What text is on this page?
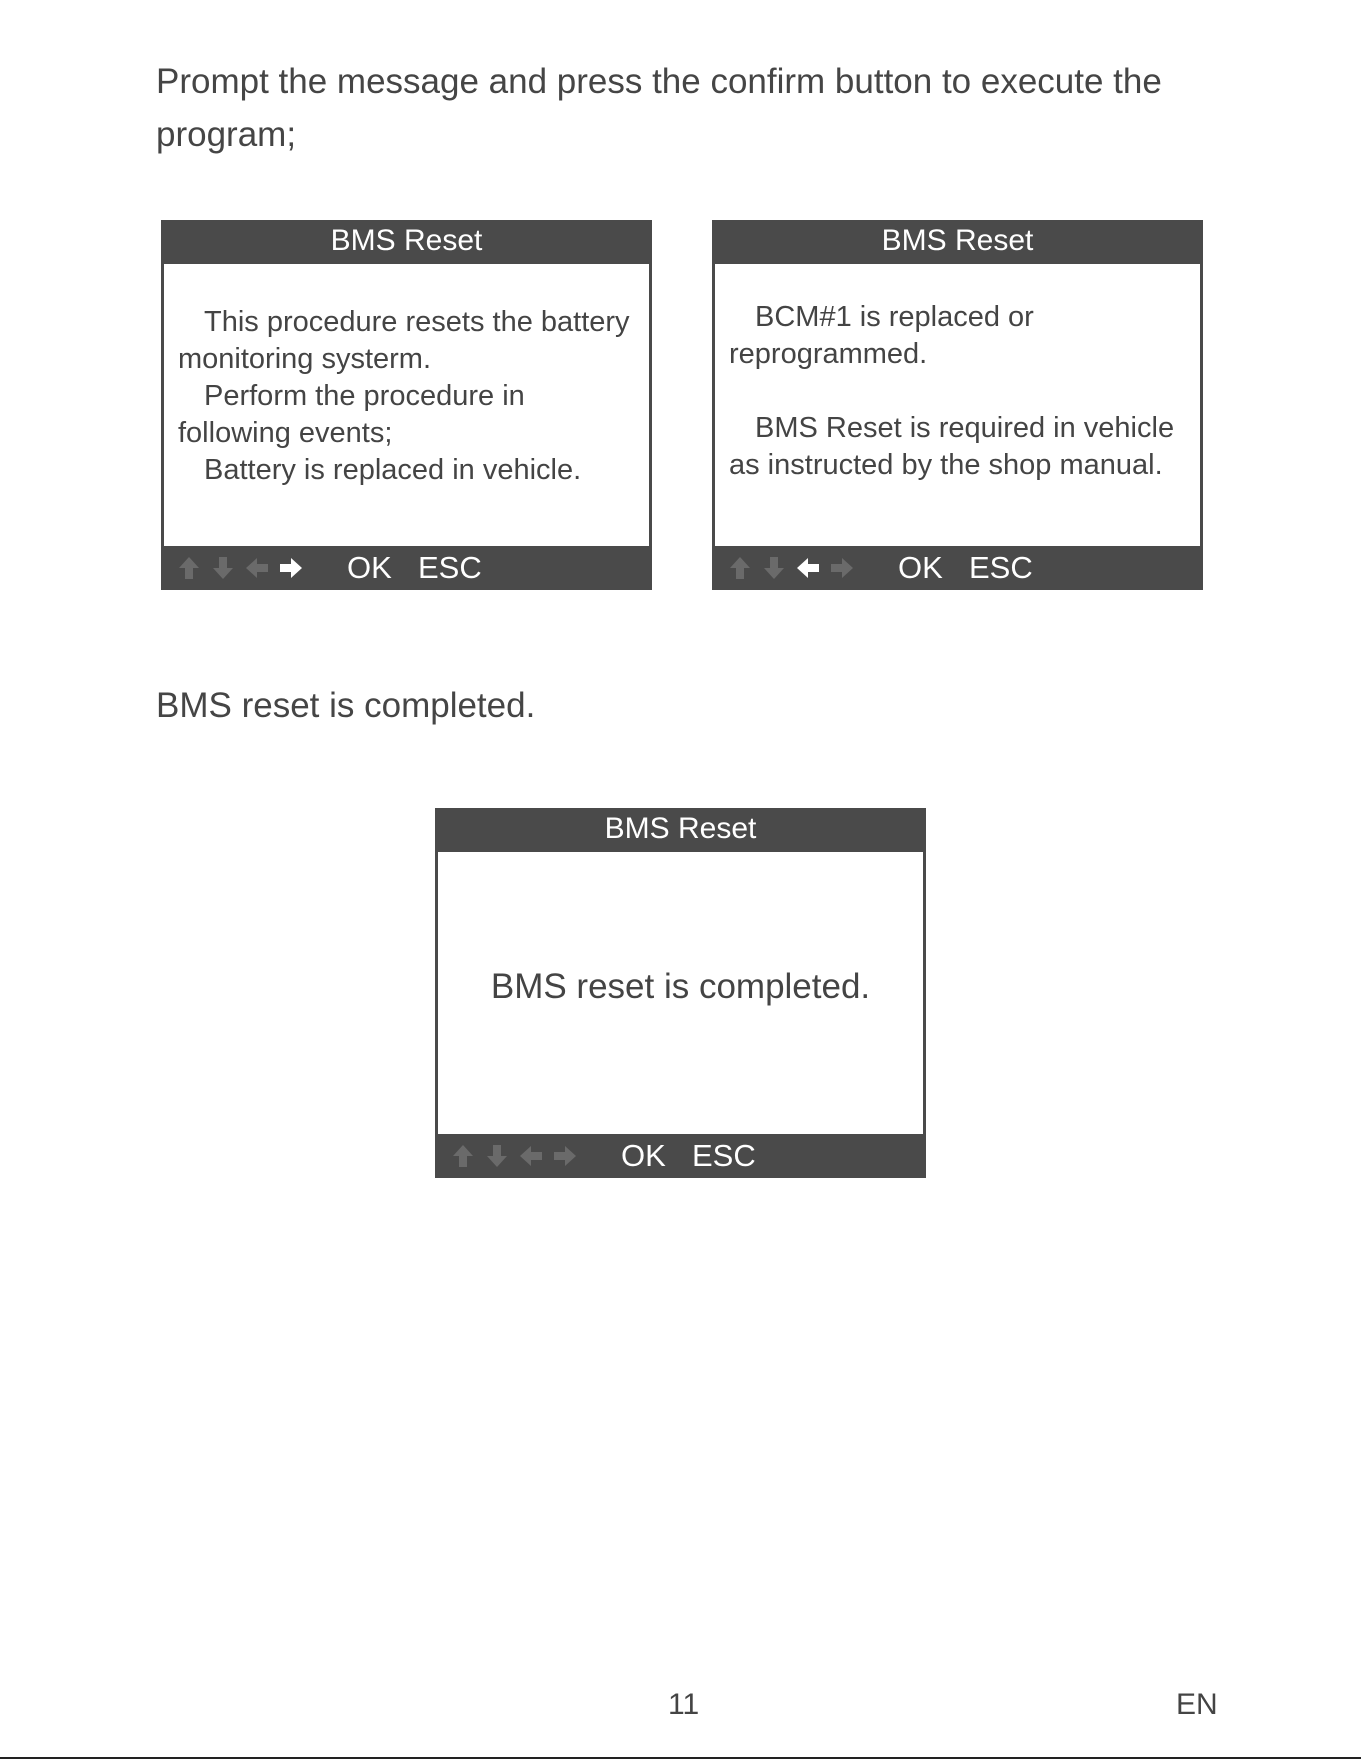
Prompt the message and press the confirm button to execute the program;

BMS Reset

This procedure resets the battery monitoring systerm.

Perform the procedure in following events;

Battery is replaced in vehicle.

OK ESC
BMS Reset

BCM#1 is replaced or reprogrammed.

BMS Reset is required in vehicle as instructed by the shop manual.

OK ESC
BMS reset is completed.
BMS Reset
BMS reset is completed.
OK ESC
11	EN
